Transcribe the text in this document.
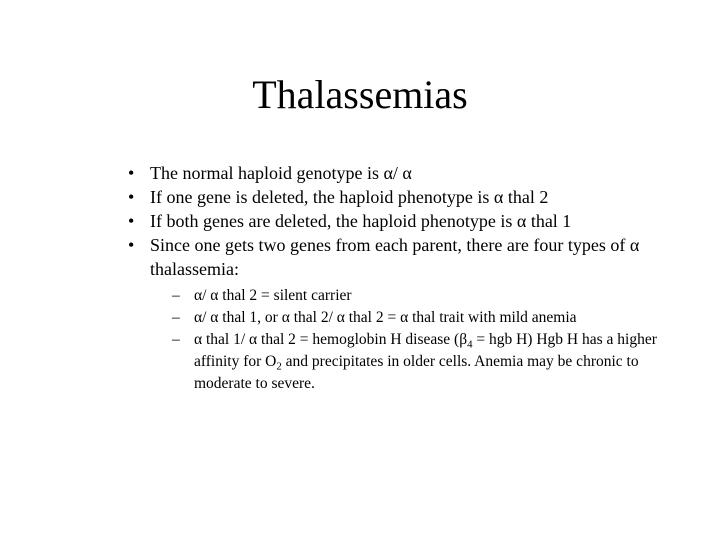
Thalassemias
• The normal haploid genotype is α/ α
• If one gene is deleted, the haploid phenotype is α thal 2
• If both genes are deleted, the haploid phenotype is α thal 1
• Since one gets two genes from each parent, there are four types of α thalassemia:
– α/ α thal 2 = silent carrier
– α/ α thal 1, or α thal 2/ α thal 2 = α thal trait with mild anemia
– α thal 1/ α thal 2 = hemoglobin H disease ($\beta_4$ = hgb H) Hgb H has a higher affinity for $O_2$ and precipitates in older cells. Anemia may be chronic to moderate to severe.
